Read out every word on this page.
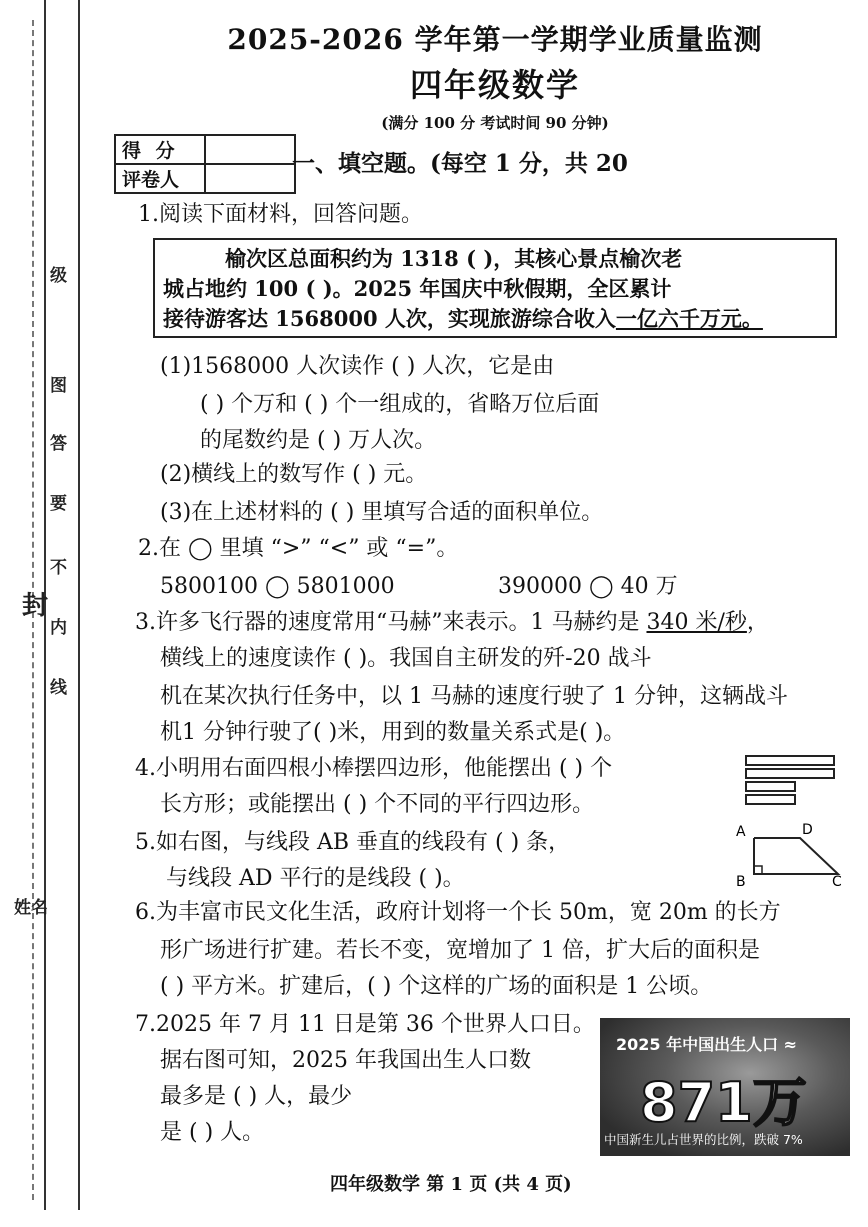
级
图
答
要
不
内
线
封
姓名
2025-2026 学年第一学期学业质量监测
四年级数学
(满分 100 分 考试时间 90 分钟)
得 分	
评卷人	
一、填空题。(每空 1 分，共 20
1.阅读下面材料，回答问题。
榆次区总面积约为 1318 ( )，其核心景点榆次老
城占地约 100 ( )。2025 年国庆中秋假期，全区累计
接待游客达 1568000 人次，实现旅游综合收入一亿六千万元。
(1)1568000 人次读作 ( ) 人次，它是由
( ) 个万和 ( ) 个一组成的，省略万位后面
的尾数约是 ( ) 万人次。
(2)横线上的数写作 ( ) 元。
(3)在上述材料的 ( ) 里填写合适的面积单位。
2.在 ◯ 里填 “>” “<” 或 “=”。
5800100 ◯ 5801000	390000 ◯ 40 万
3.许多飞行器的速度常用“马赫”来表示。1 马赫约是 340 米/秒，
横线上的速度读作 ( )。我国自主研发的歼-20 战斗
机在某次执行任务中，以 1 马赫的速度行驶了 1 分钟，这辆战斗
机1 分钟行驶了( )米，用到的数量关系式是( )。
4.小明用右面四根小棒摆四边形，他能摆出 ( ) 个
长方形；或能摆出 ( ) 个不同的平行四边形。
5.如右图，与线段 AB 垂直的线段有 ( ) 条，
与线段 AD 平行的是线段 ( )。
A	D
B	C
6.为丰富市民文化生活，政府计划将一个长 50m，宽 20m 的长方
形广场进行扩建。若长不变，宽增加了 1 倍，扩大后的面积是
( ) 平方米。扩建后，( ) 个这样的广场的面积是 1 公顷。
7.2025 年 7 月 11 日是第 36 个世界人口日。
据右图可知，2025 年我国出生人口数
最多是 ( ) 人，最少
是 ( ) 人。
2025 年中国出生人口 ≈
871万
中国新生儿占世界的比例，跌破 7%
四年级数学 第 1 页 (共 4 页)
